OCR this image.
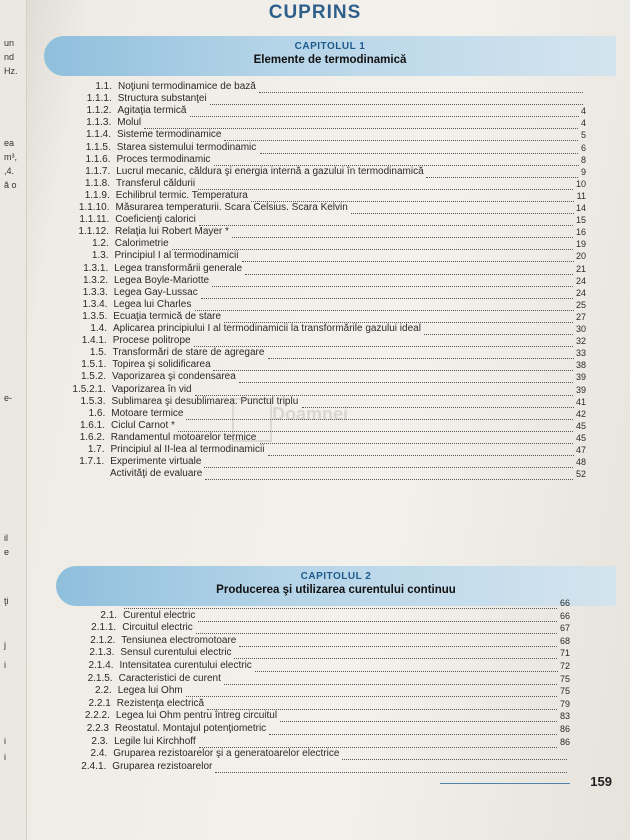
un
nd
Hz.
ea
m³,
,4.
ă o
e-
il
e
ţi
j
i
i
i
CUPRINS
CAPITOLUL 1
Elemente de termodinamică
1.1. Noţiuni termodinamice de bază
1.1.1. Structura substanţei
1.1.2. Agitaţia termică	4
1.1.3. Molul	4
1.1.4. Sisteme termodinamice	5
1.1.5. Starea sistemului termodinamic	6
1.1.6. Proces termodinamic	8
1.1.7. Lucrul mecanic, căldura şi energia internă a gazului în termodinamică	9
1.1.8. Transferul căldurii	10
1.1.9. Echilibrul termic. Temperatura	11
1.1.10. Măsurarea temperaturii. Scara Celsius. Scara Kelvin	14
1.1.11. Coeficienţi calorici	15
1.1.12. Relaţia lui Robert Mayer *	16
1.2. Calorimetrie	19
1.3. Principiul I al termodinamicii	20
1.3.1. Legea transformării generale	21
1.3.2. Legea Boyle-Mariotte	24
1.3.3. Legea Gay-Lussac	24
1.3.4. Legea lui Charles	25
1.3.5. Ecuaţia termică de stare	27
1.4. Aplicarea principiului I al termodinamicii la transformările gazului ideal	30
1.4.1. Procese politrope	32
1.5. Transformări de stare de agregare	33
1.5.1. Topirea şi solidificarea	38
1.5.2. Vaporizarea şi condensarea	39
1.5.2.1. Vaporizarea în vid	39
1.5.3. Sublimarea şi desublimarea. Punctul triplu	41
1.6. Motoare termice	42
1.6.1. Ciclul Carnot *	45
1.6.2. Randamentul motoarelor termice	45
1.7. Principiul al II-lea al termodinamicii	47
1.7.1. Experimente virtuale	48
Activităţi de evaluare	52
CAPITOLUL 2
Producerea şi utilizarea curentului continuu
66
2.1. Curentul electric	66
2.1.1. Circuitul electric	67
2.1.2. Tensiunea electromotoare	68
2.1.3. Sensul curentului electric	71
2.1.4. Intensitatea curentului electric	72
2.1.5. Caracteristici de curent	75
2.2. Legea lui Ohm	75
2.2.1 Rezistenţa electrică	79
2.2.2. Legea lui Ohm pentru întreg circuitul	83
2.2.3 Reostatul. Montajul potenţiometric	86
2.3. Legile lui Kirchhoff	86
2.4. Gruparea rezistoarelor şi a generatoarelor electrice
2.4.1. Gruparea rezistoarelor
Doamnei
159
